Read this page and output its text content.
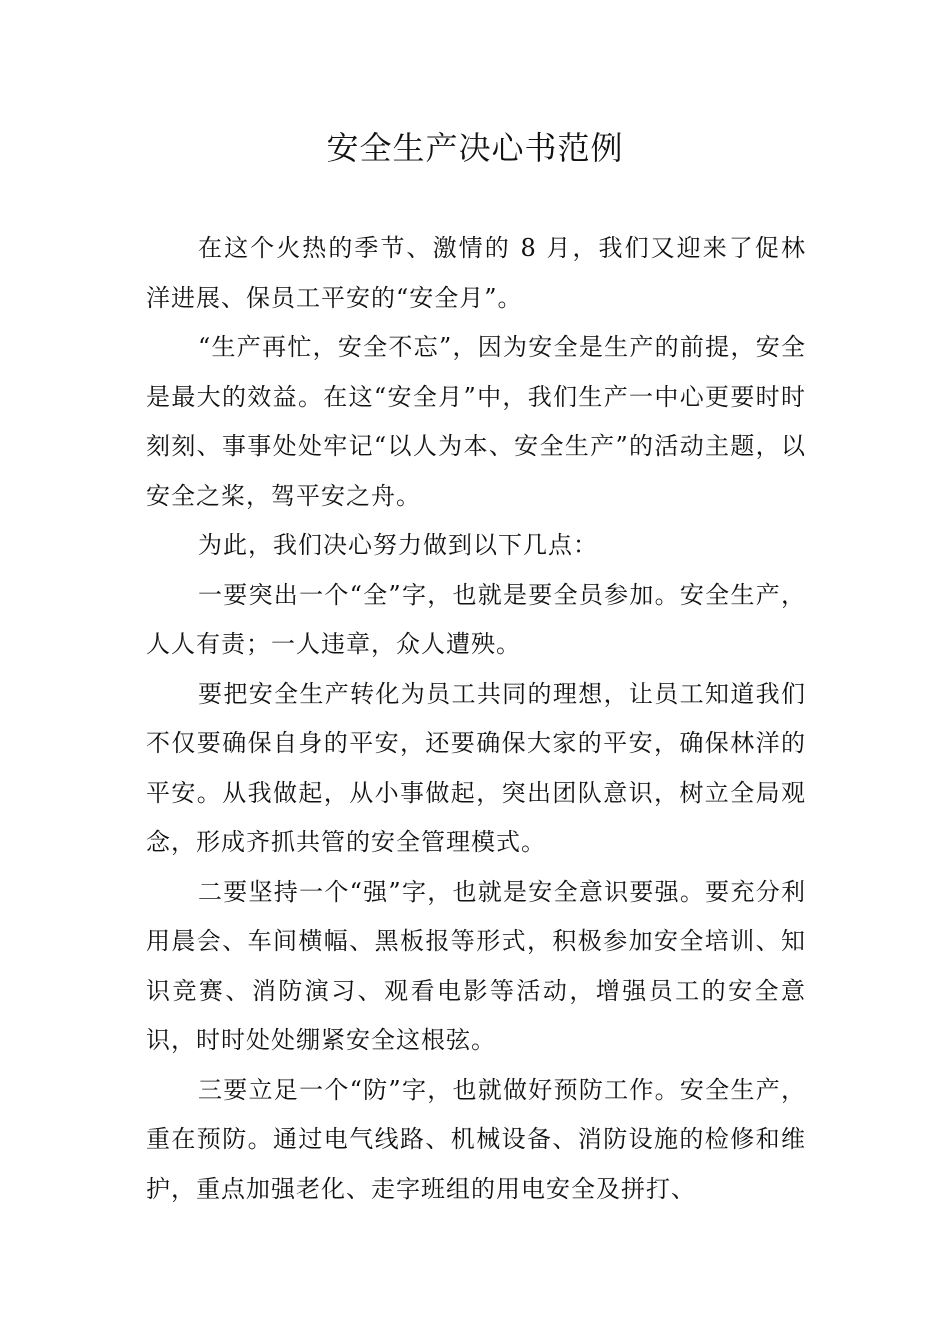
安全生产决心书范例

在这个火热的季节、激情的 8 月，我们又迎来了促林洋进展、保员工平安的“安全月”。

“生产再忙，安全不忘”，因为安全是生产的前提，安全是最大的效益。在这“安全月”中，我们生产一中心更要时时刻刻、事事处处牢记“以人为本、安全生产”的活动主题，以安全之桨，驾平安之舟。

为此，我们决心努力做到以下几点：

一要突出一个“全”字，也就是要全员参加。安全生产，人人有责；一人违章，众人遭殃。

要把安全生产转化为员工共同的理想，让员工知道我们不仅要确保自身的平安，还要确保大家的平安，确保林洋的平安。从我做起，从小事做起，突出团队意识，树立全局观念，形成齐抓共管的安全管理模式。

二要坚持一个“强”字，也就是安全意识要强。要充分利用晨会、车间横幅、黑板报等形式，积极参加安全培训、知识竞赛、消防演习、观看电影等活动，增强员工的安全意识，时时处处绷紧安全这根弦。

三要立足一个“防”字，也就做好预防工作。安全生产，重在预防。通过电气线路、机械设备、消防设施的检修和维护，重点加强老化、走字班组的用电安全及拼打、
